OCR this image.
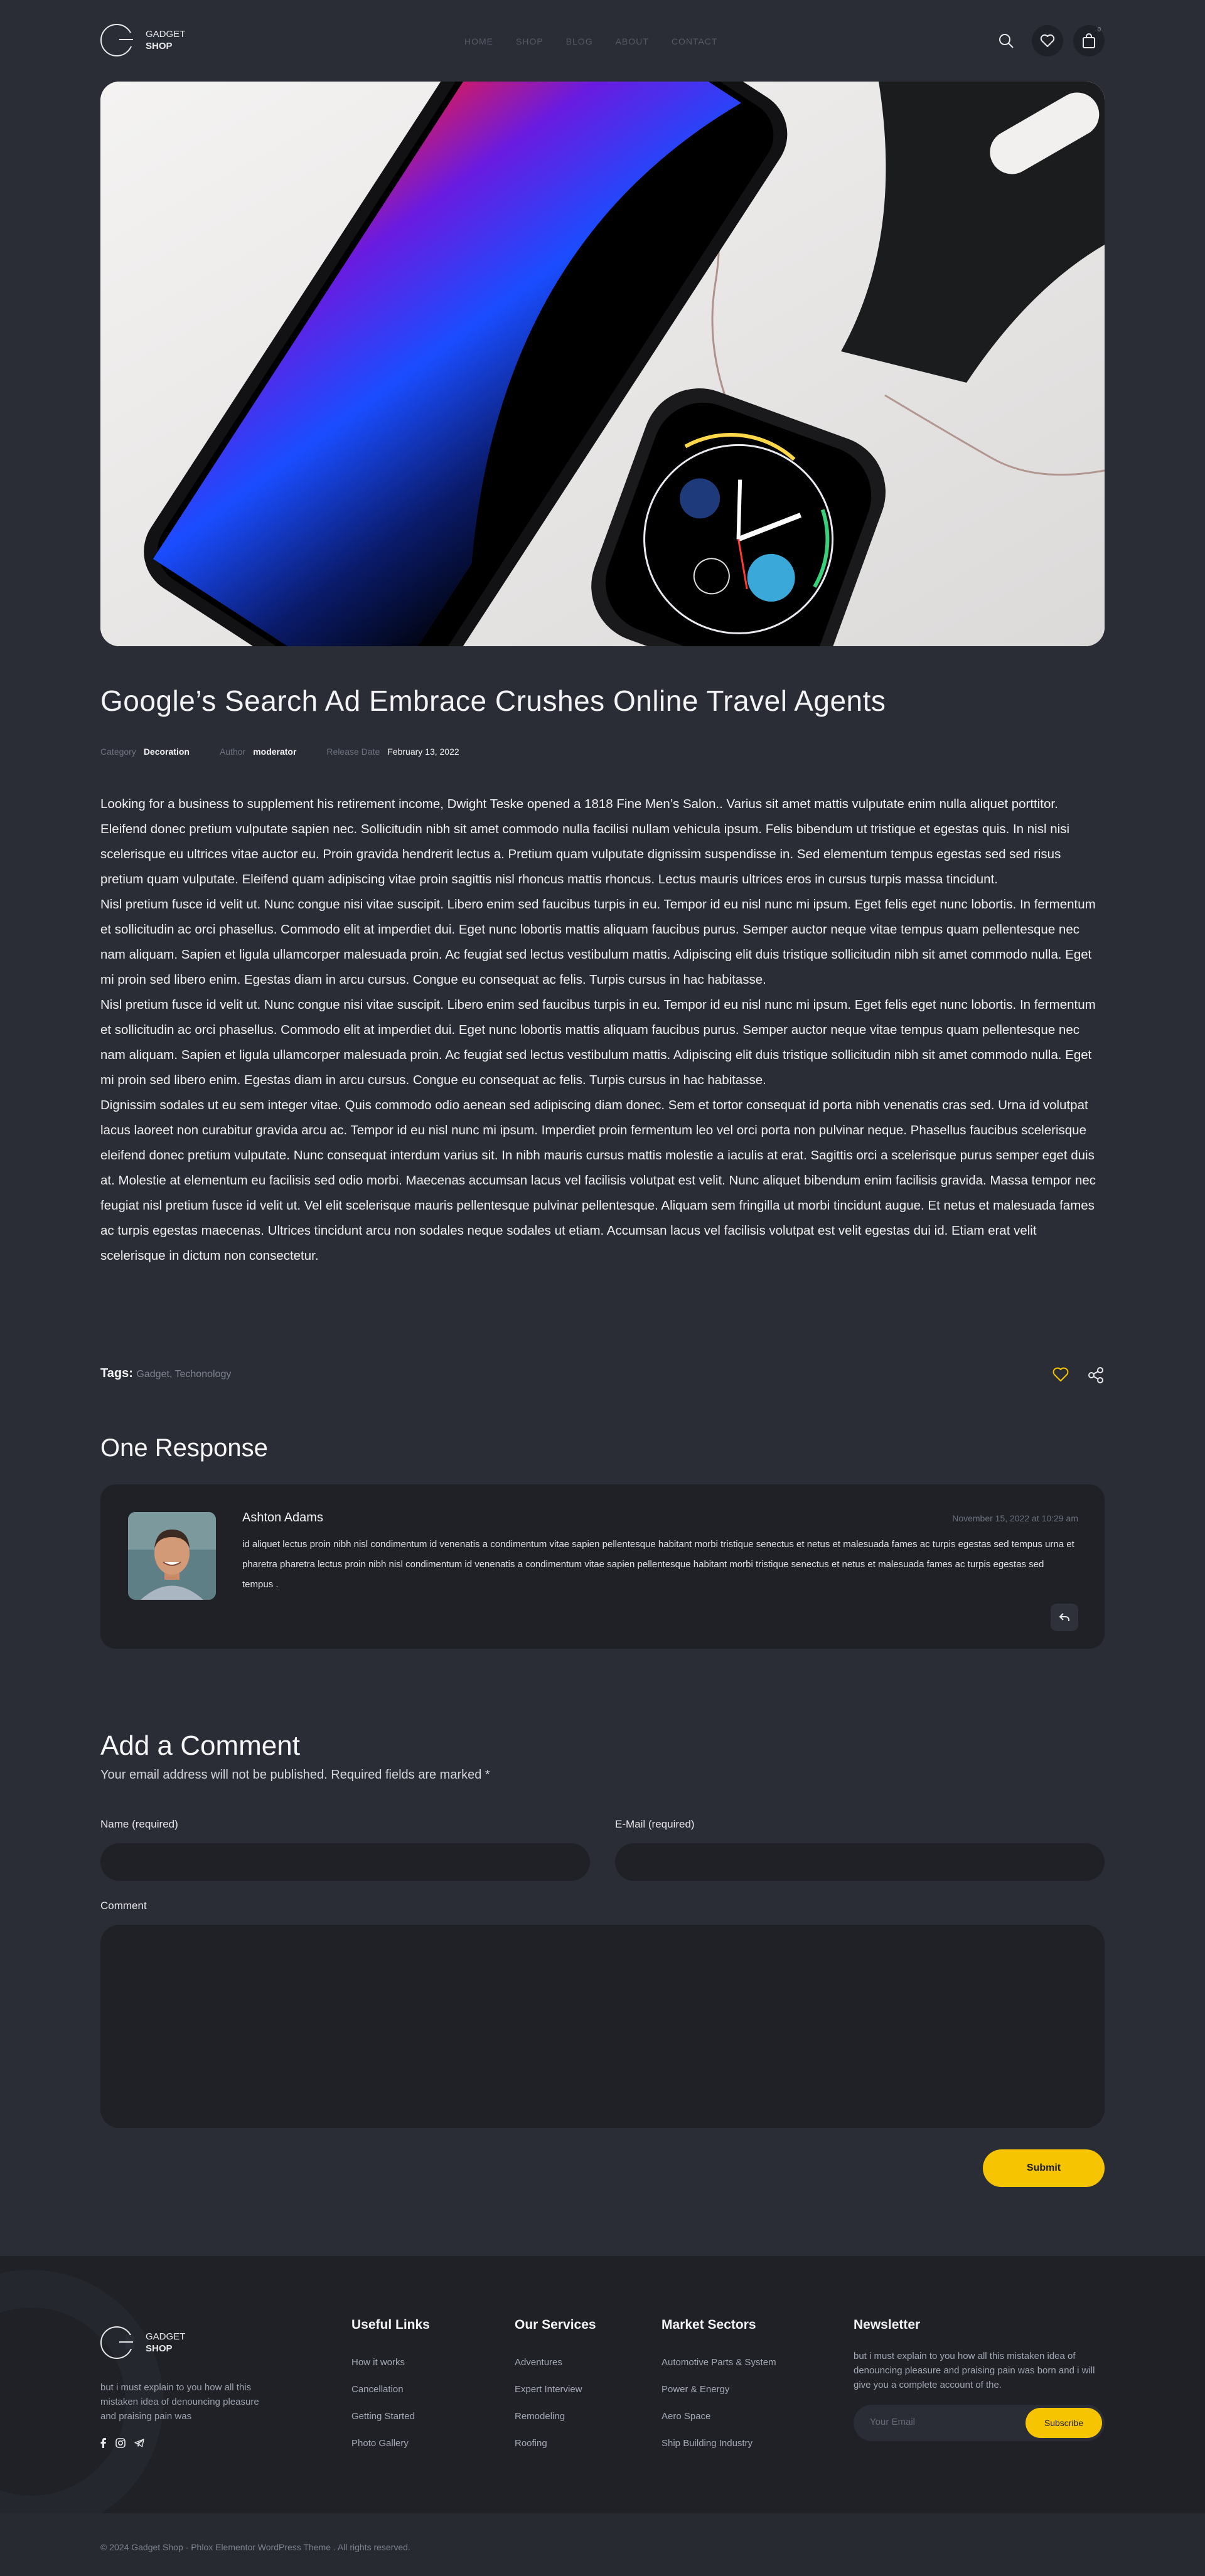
GADGET
SHOP	HOME	SHOP	BLOG	ABOUT	CONTACT
0
Google’s Search Ad Embrace Crushes Online Travel Agents
Category Decoration	Author moderator	Release Date February 13, 2022

Looking for a business to supplement his retirement income, Dwight Teske opened a 1818 Fine Men’s Salon.. Varius sit amet mattis vulputate enim nulla aliquet porttitor. Eleifend donec pretium vulputate sapien nec. Sollicitudin nibh sit amet commodo nulla facilisi nullam vehicula ipsum. Felis bibendum ut tristique et egestas quis. In nisl nisi scelerisque eu ultrices vitae auctor eu. Proin gravida hendrerit lectus a. Pretium quam vulputate dignissim suspendisse in. Sed elementum tempus egestas sed sed risus pretium quam vulputate. Eleifend quam adipiscing vitae proin sagittis nisl rhoncus mattis rhoncus. Lectus mauris ultrices eros in cursus turpis massa tincidunt.

Nisl pretium fusce id velit ut. Nunc congue nisi vitae suscipit. Libero enim sed faucibus turpis in eu. Tempor id eu nisl nunc mi ipsum. Eget felis eget nunc lobortis. In fermentum et sollicitudin ac orci phasellus. Commodo elit at imperdiet dui. Eget nunc lobortis mattis aliquam faucibus purus. Semper auctor neque vitae tempus quam pellentesque nec nam aliquam. Sapien et ligula ullamcorper malesuada proin. Ac feugiat sed lectus vestibulum mattis. Adipiscing elit duis tristique sollicitudin nibh sit amet commodo nulla. Eget mi proin sed libero enim. Egestas diam in arcu cursus. Congue eu consequat ac felis. Turpis cursus in hac habitasse.

Nisl pretium fusce id velit ut. Nunc congue nisi vitae suscipit. Libero enim sed faucibus turpis in eu. Tempor id eu nisl nunc mi ipsum. Eget felis eget nunc lobortis. In fermentum et sollicitudin ac orci phasellus. Commodo elit at imperdiet dui. Eget nunc lobortis mattis aliquam faucibus purus. Semper auctor neque vitae tempus quam pellentesque nec nam aliquam. Sapien et ligula ullamcorper malesuada proin. Ac feugiat sed lectus vestibulum mattis. Adipiscing elit duis tristique sollicitudin nibh sit amet commodo nulla. Eget mi proin sed libero enim. Egestas diam in arcu cursus. Congue eu consequat ac felis. Turpis cursus in hac habitasse.

Dignissim sodales ut eu sem integer vitae. Quis commodo odio aenean sed adipiscing diam donec. Sem et tortor consequat id porta nibh venenatis cras sed. Urna id volutpat lacus laoreet non curabitur gravida arcu ac. Tempor id eu nisl nunc mi ipsum. Imperdiet proin fermentum leo vel orci porta non pulvinar neque. Phasellus faucibus scelerisque eleifend donec pretium vulputate. Nunc consequat interdum varius sit. In nibh mauris cursus mattis molestie a iaculis at erat. Sagittis orci a scelerisque purus semper eget duis at. Molestie at elementum eu facilisis sed odio morbi. Maecenas accumsan lacus vel facilisis volutpat est velit. Nunc aliquet bibendum enim facilisis gravida. Massa tempor nec feugiat nisl pretium fusce id velit ut. Vel elit scelerisque mauris pellentesque pulvinar pellentesque. Aliquam sem fringilla ut morbi tincidunt augue. Et netus et malesuada fames ac turpis egestas maecenas. Ultrices tincidunt arcu non sodales neque sodales ut etiam. Accumsan lacus vel facilisis volutpat est velit egestas dui id. Etiam erat velit scelerisque in dictum non consectetur.

Tags: Gadget, Techonology
One Response
Ashton Adams	November 15, 2022 at 10:29 am
id aliquet lectus proin nibh nisl condimentum id venenatis a condimentum vitae sapien pellentesque habitant morbi tristique senectus et netus et malesuada fames ac turpis egestas sed tempus urna et pharetra pharetra lectus proin nibh nisl condimentum id venenatis a condimentum vitae sapien pellentesque habitant morbi tristique senectus et netus et malesuada fames ac turpis egestas sed tempus .
Add a Comment
Your email address will not be published. Required fields are marked *
Name (required)	E-Mail (required)
Comment
Submit
GADGET
SHOP
but i must explain to you how all this mistaken idea of denouncing pleasure and praising pain was
Useful Links
How it works
Cancellation
Getting Started
Photo Gallery
Our Services
Adventures
Expert Interview
Remodeling
Roofing
Market Sectors
Automotive Parts & System
Power & Energy
Aero Space
Ship Building Industry
Newsletter
but i must explain to you how all this mistaken idea of denouncing pleasure and praising pain was born and i will give you a complete account of the.
Your Email	Subscribe
© 2024 Gadget Shop - Phlox Elementor WordPress Theme . All rights reserved.
